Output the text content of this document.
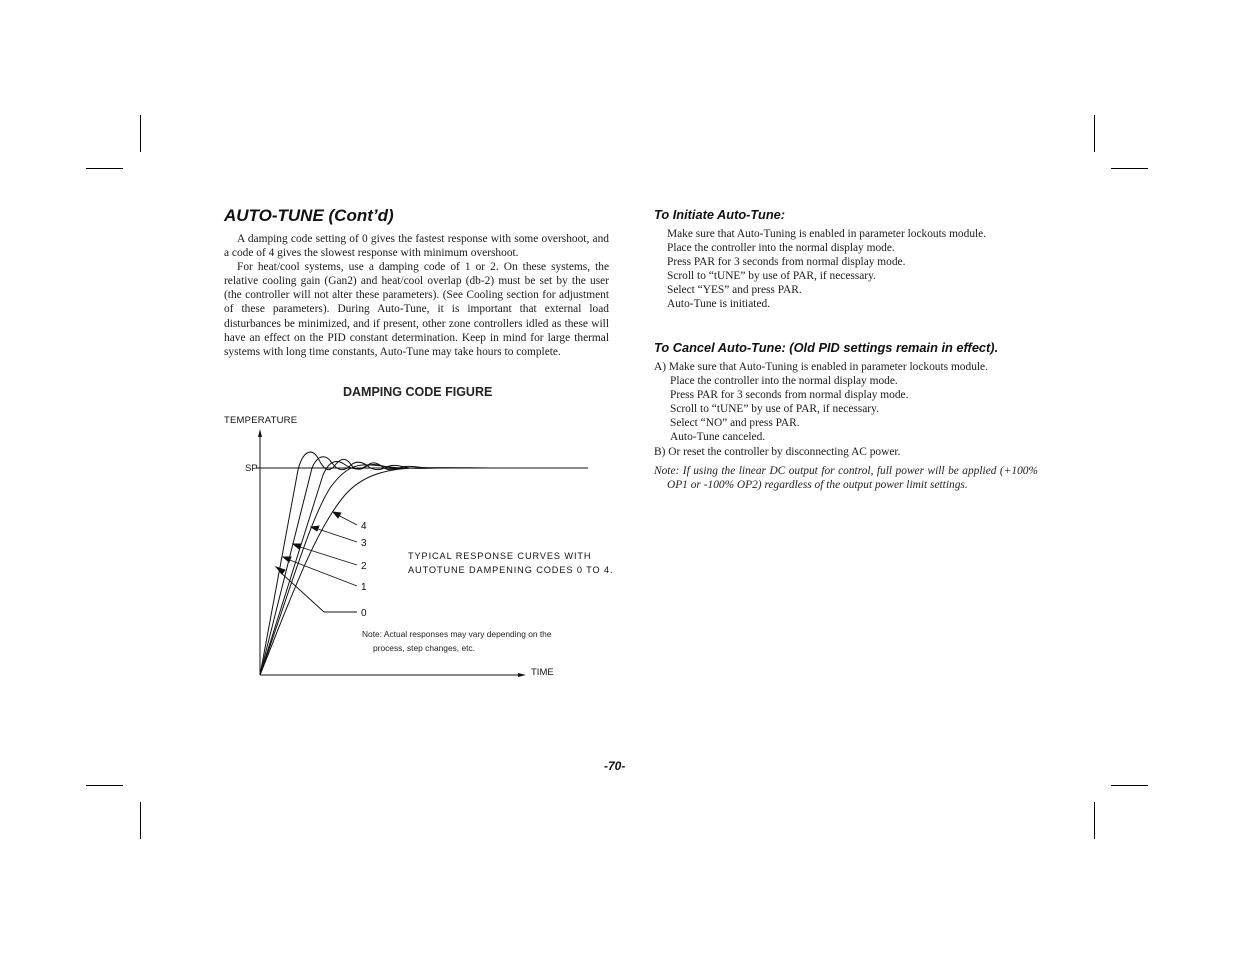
AUTO-TUNE (Cont’d)

A damping code setting of 0 gives the fastest response with some overshoot, and a code of 4 gives the slowest response with minimum overshoot.

For heat/cool systems, use a damping code of 1 or 2. On these systems, the relative cooling gain (Gan2) and heat/cool overlap (db-2) must be set by the user (the controller will not alter these parameters). (See Cooling section for adjustment of these parameters). During Auto-Tune, it is important that external load disturbances be minimized, and if present, other zone controllers idled as these will have an effect on the PID constant determination. Keep in mind for large thermal systems with long time constants, Auto-Tune may take hours to complete.

DAMPING CODE FIGURE
TEMPERATURE
TIME
SP
4
3
2
1
0
TYPICAL RESPONSE CURVES WITH
AUTOTUNE DAMPENING CODES 0 TO 4.
Note: Actual responses may vary depending on the
process, step changes, etc.
To Initiate Auto-Tune:
Make sure that Auto-Tuning is enabled in parameter lockouts module.
Place the controller into the normal display mode.
Press PAR for 3 seconds from normal display mode.
Scroll to “tUNE” by use of PAR, if necessary.
Select “YES” and press PAR.
Auto-Tune is initiated.
To Cancel Auto-Tune: (Old PID settings remain in effect).
A) Make sure that Auto-Tuning is enabled in parameter lockouts module.
Place the controller into the normal display mode.
Press PAR for 3 seconds from normal display mode.
Scroll to “tUNE” by use of PAR, if necessary.
Select “NO” and press PAR.
Auto-Tune canceled.
B) Or reset the controller by disconnecting AC power.
Note: If using the linear DC output for control, full power will be applied (+100% OP1 or -100% OP2) regardless of the output power limit settings.
-70-
